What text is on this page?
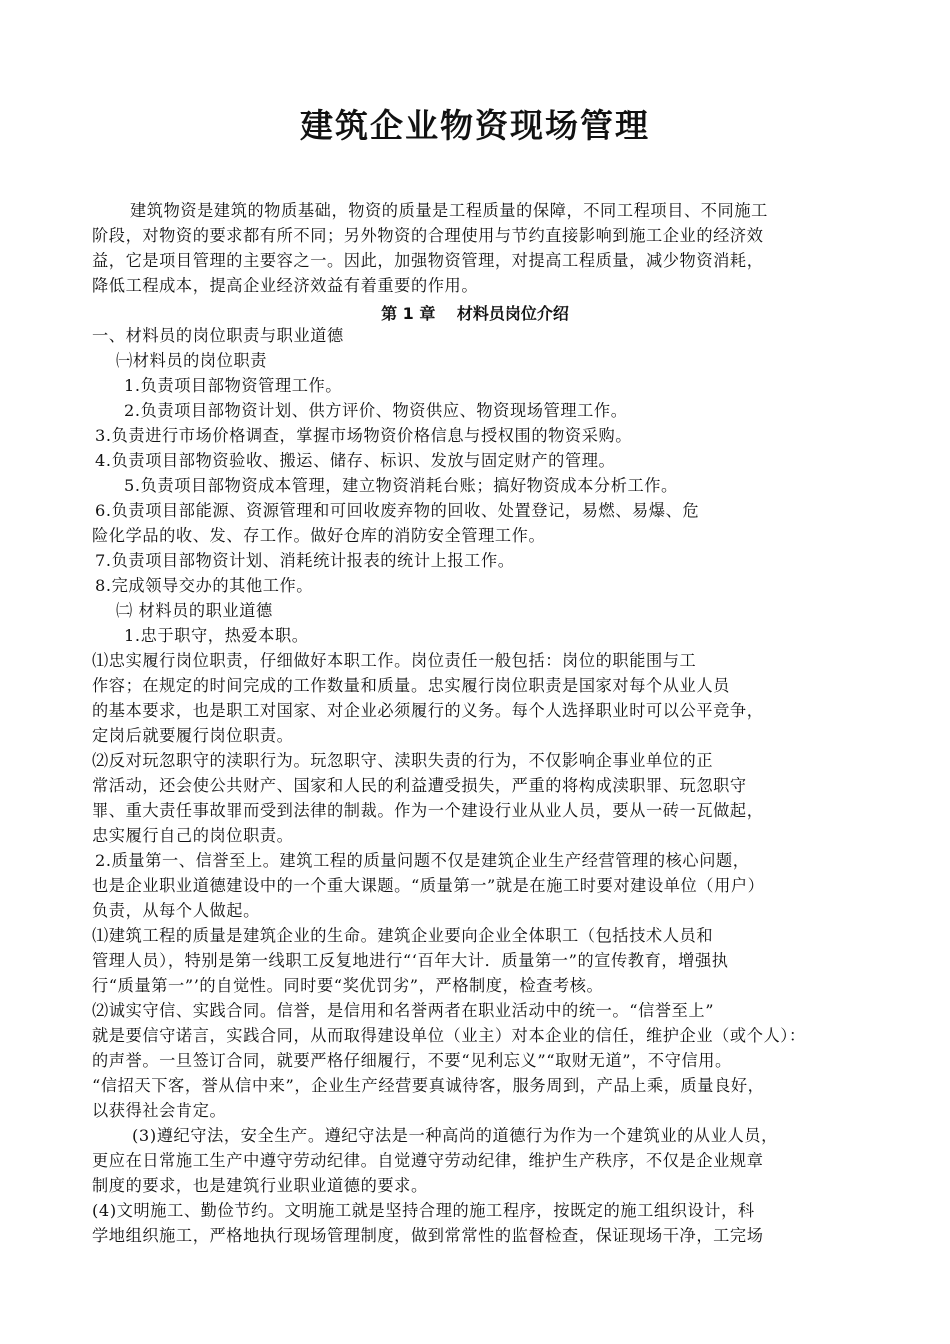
建筑企业物资现场管理
建筑物资是建筑的物质基础，物资的质量是工程质量的保障，不同工程项目、不同施工
阶段，对物资的要求都有所不同；另外物资的合理使用与节约直接影响到施工企业的经济效
益，它是项目管理的主要容之一。因此，加强物资管理，对提高工程质量，减少物资消耗，
降低工程成本，提高企业经济效益有着重要的作用。
第 1 章　 材料员岗位介绍
一、材料员的岗位职责与职业道德
㈠材料员的岗位职责
1.负责项目部物资管理工作。
2.负责项目部物资计划、供方评价、物资供应、物资现场管理工作。
3.负责进行市场价格调查，掌握市场物资价格信息与授权围的物资采购。
4.负责项目部物资验收、搬运、储存、标识、发放与固定财产的管理。
5.负责项目部物资成本管理，建立物资消耗台账；搞好物资成本分析工作。
6.负责项目部能源、资源管理和可回收废弃物的回收、处置登记，易燃、易爆、危
险化学品的收、发、存工作。做好仓库的消防安全管理工作。
7.负责项目部物资计划、消耗统计报表的统计上报工作。
8.完成领导交办的其他工作。
㈡ 材料员的职业道德
1.忠于职守，热爱本职。
⑴忠实履行岗位职责，仔细做好本职工作。岗位责任一般包括：岗位的职能围与工
作容；在规定的时间完成的工作数量和质量。忠实履行岗位职责是国家对每个从业人员
的基本要求，也是职工对国家、对企业必须履行的义务。每个人选择职业时可以公平竞争，
定岗后就要履行岗位职责。
⑵反对玩忽职守的渎职行为。玩忽职守、渎职失责的行为，不仅影响企事业单位的正
常活动，还会使公共财产、国家和人民的利益遭受损失，严重的将构成渎职罪、玩忽职守
罪、重大责任事故罪而受到法律的制裁。作为一个建设行业从业人员，要从一砖一瓦做起，
忠实履行自己的岗位职责。
2.质量第一、信誉至上。建筑工程的质量问题不仅是建筑企业生产经营管理的核心问题，
也是企业职业道德建设中的一个重大课题。“质量第一”就是在施工时要对建设单位（用户）
负责，从每个人做起。
⑴建筑工程的质量是建筑企业的生命。建筑企业要向企业全体职工（包括技术人员和
管理人员），特别是第一线职工反复地进行“‘百年大计．质量第一”的宣传教育，增强执
行“质量第一”’的自觉性。同时要“奖优罚劣”，严格制度，检查考核。
⑵诚实守信、实践合同。信誉，是信用和名誉两者在职业活动中的统一。“信誉至上”
就是要信守诺言，实践合同，从而取得建设单位（业主）对本企业的信任，维护企业（或个人）：
的声誉。一旦签订合同，就要严格仔细履行，不要“见利忘义”“取财无道”，不守信用。
“信招天下客，誉从信中来”，企业生产经营要真诚待客，服务周到，产品上乘，质量良好，
以获得社会肯定。
(3)遵纪守法，安全生产。遵纪守法是一种高尚的道德行为作为一个建筑业的从业人员，
更应在日常施工生产中遵守劳动纪律。自觉遵守劳动纪律，维护生产秩序，不仅是企业规章
制度的要求，也是建筑行业职业道德的要求。
(4)文明施工、勤俭节约。文明施工就是坚持合理的施工程序，按既定的施工组织设计，科
学地组织施工，严格地执行现场管理制度，做到常常性的监督检查，保证现场干净，工完场
